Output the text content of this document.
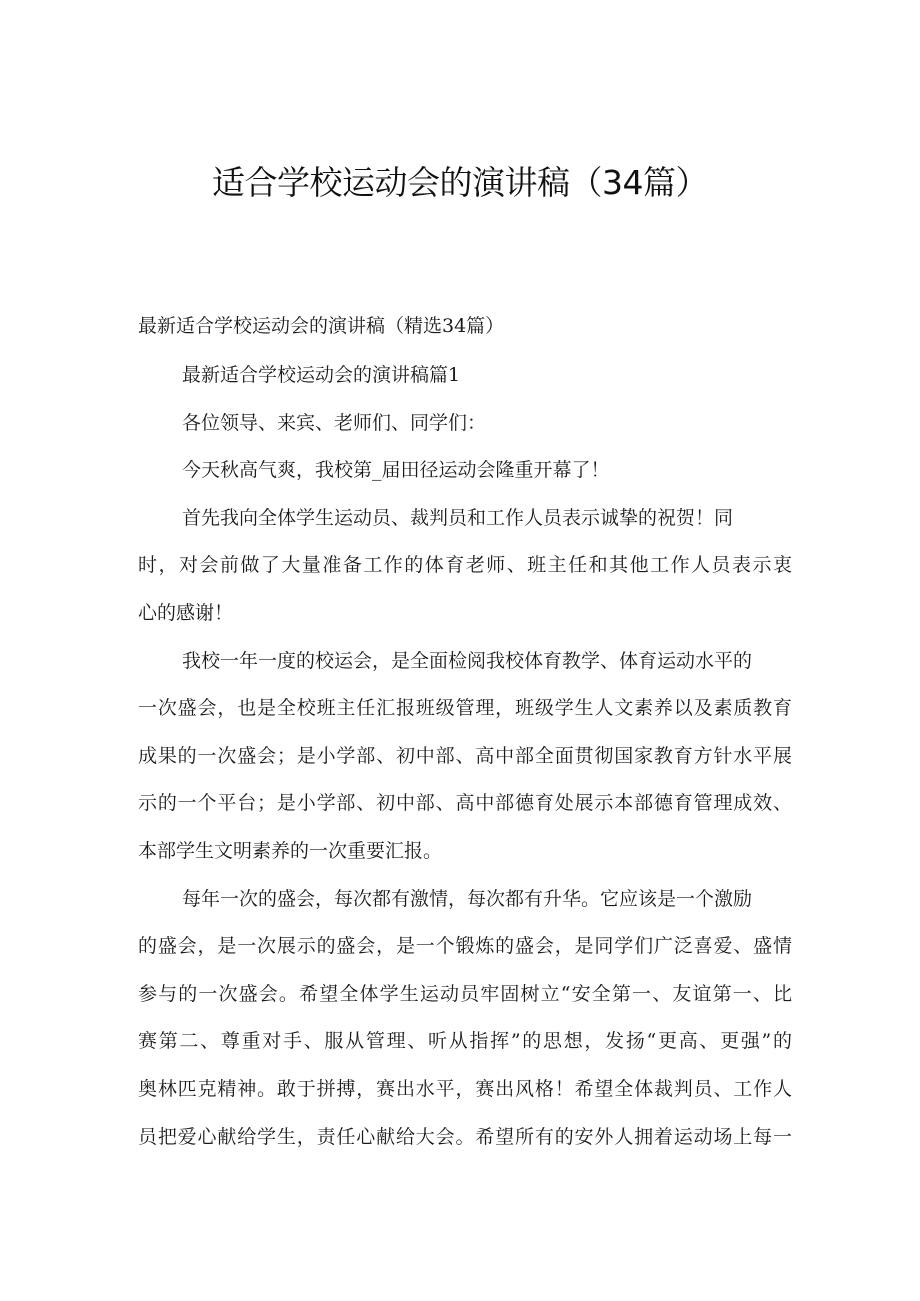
适合学校运动会的演讲稿（34篇）
最新适合学校运动会的演讲稿（精选34篇）
最新适合学校运动会的演讲稿篇1
各位领导、来宾、老师们、同学们：
今天秋高气爽，我校第_届田径运动会隆重开幕了！
首先我向全体学生运动员、裁判员和工作人员表示诚挚的祝贺！同
时，对会前做了大量准备工作的体育老师、班主任和其他工作人员表示衷
心的感谢！
我校一年一度的校运会，是全面检阅我校体育教学、体育运动水平的
一次盛会，也是全校班主任汇报班级管理，班级学生人文素养以及素质教育
成果的一次盛会；是小学部、初中部、高中部全面贯彻国家教育方针水平展
示的一个平台；是小学部、初中部、高中部德育处展示本部德育管理成效、
本部学生文明素养的一次重要汇报。
每年一次的盛会，每次都有激情，每次都有升华。它应该是一个激励
的盛会，是一次展示的盛会，是一个锻炼的盛会，是同学们广泛喜爱、盛情
参与的一次盛会。希望全体学生运动员牢固树立“安全第一、友谊第一、比
赛第二、尊重对手、服从管理、听从指挥”的思想，发扬“更高、更强”的
奥林匹克精神。敢于拼搏，赛出水平，赛出风格！希望全体裁判员、工作人
员把爱心献给学生，责任心献给大会。希望所有的安外人拥着运动场上每一
